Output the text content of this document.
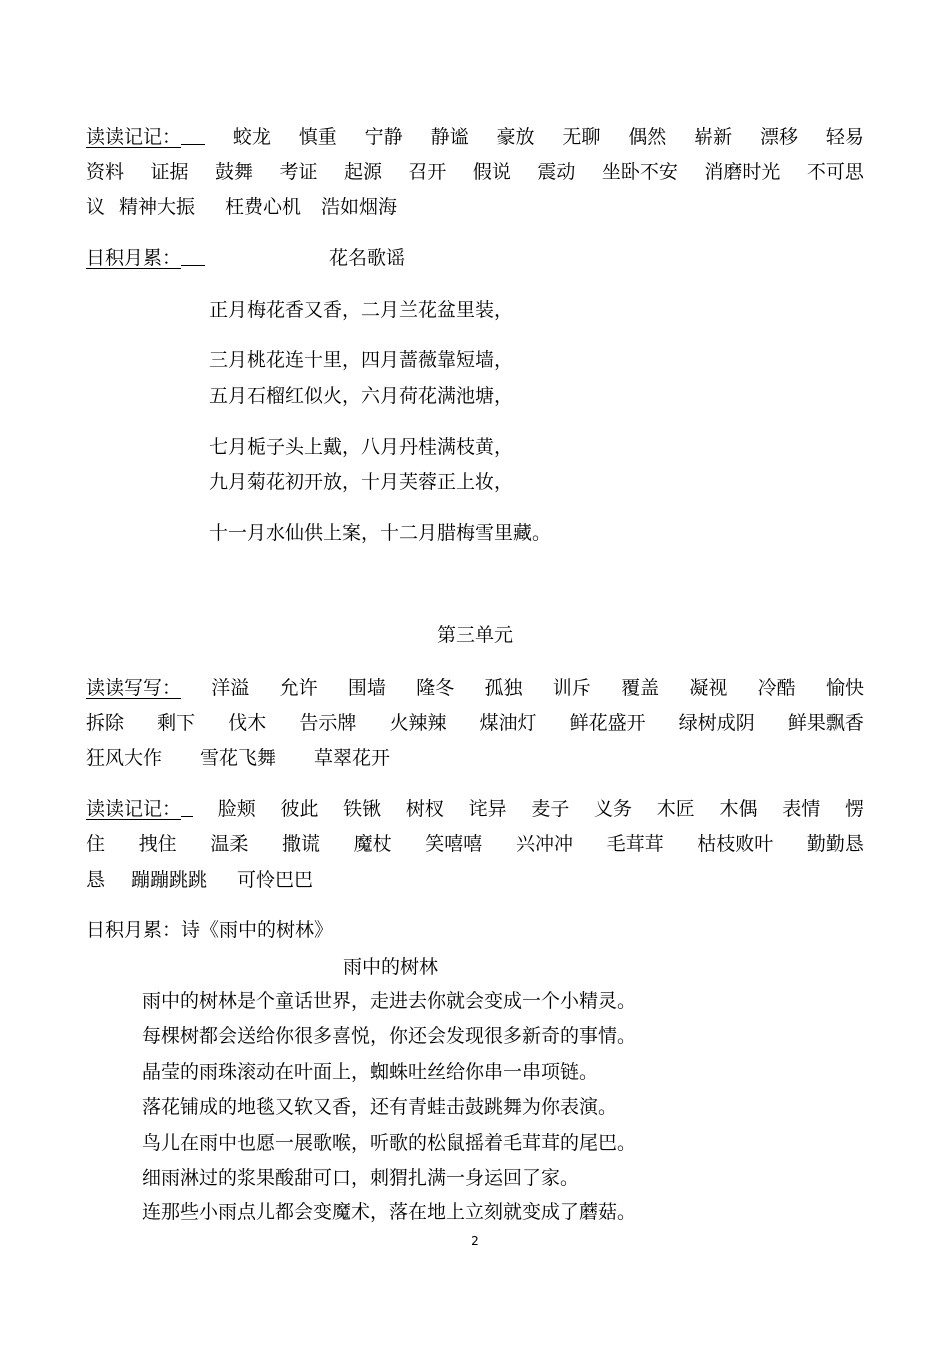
读读记记：	蛟龙 慎重 宁静 静谧 豪放 无聊 偶然 崭新 漂移 轻易
资料 证据 鼓舞 考证 起源 召开 假说 震动 坐卧不安 消磨时光 不可思
议 精神大振 枉费心机 浩如烟海
日积月累：	花名歌谣
正月梅花香又香，二月兰花盆里装，
三月桃花连十里，四月蔷薇靠短墙，
五月石榴红似火，六月荷花满池塘，
七月栀子头上戴，八月丹桂满枝黄，
九月菊花初开放，十月芙蓉正上妆，
十一月水仙供上案，十二月腊梅雪里藏。
第三单元
读读写写： 洋溢 允许 围墙 隆冬 孤独 训斥 覆盖 凝视 冷酷 愉快
拆除 剩下 伐木 告示牌 火辣辣 煤油灯 鲜花盛开 绿树成阴 鲜果飘香
狂风大作 雪花飞舞 草翠花开
读读记记：	脸颊 彼此 铁锹 树杈 诧异 麦子 义务 木匠 木偶 表情 愣
住 拽住 温柔 撒谎 魔杖 笑嘻嘻 兴冲冲 毛茸茸 枯枝败叶 勤勤恳
恳 蹦蹦跳跳 可怜巴巴
日积月累：诗《雨中的树林》
雨中的树林
雨中的树林是个童话世界，走进去你就会变成一个小精灵。
每棵树都会送给你很多喜悦，你还会发现很多新奇的事情。
晶莹的雨珠滚动在叶面上，蜘蛛吐丝给你串一串项链。
落花铺成的地毯又软又香，还有青蛙击鼓跳舞为你表演。
鸟儿在雨中也愿一展歌喉，听歌的松鼠摇着毛茸茸的尾巴。
细雨淋过的浆果酸甜可口，刺猬扎满一身运回了家。
连那些小雨点儿都会变魔术，落在地上立刻就变成了蘑菇。
2
